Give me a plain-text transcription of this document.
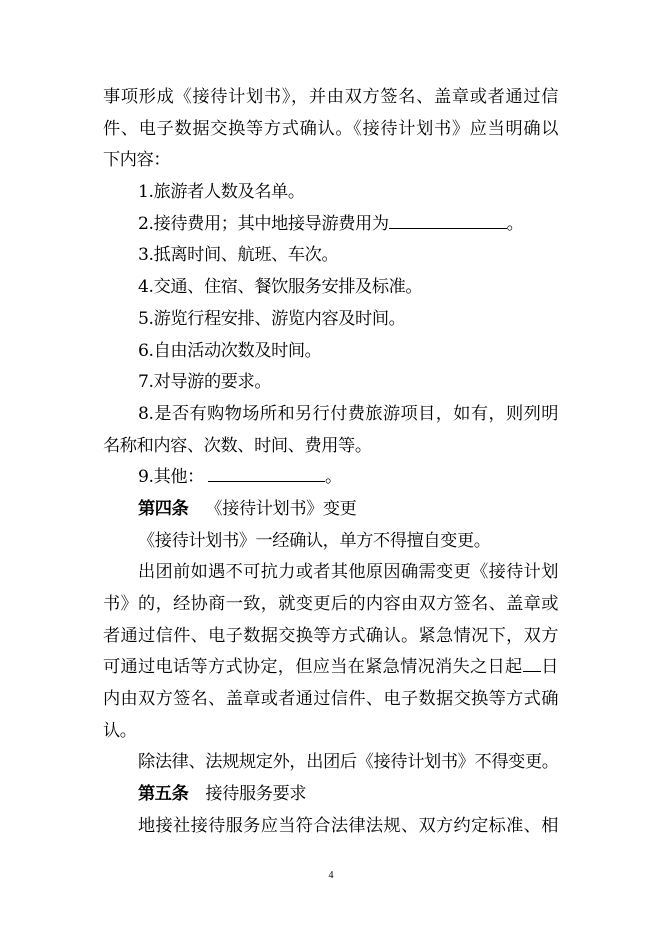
事项形成《接待计划书》，并由双方签名、盖章或者通过信
件、电子数据交换等方式确认。《接待计划书》应当明确以
下内容：
1.旅游者人数及名单。
2.接待费用；其中地接导游费用为	。
3.抵离时间、航班、车次。
4.交通、住宿、餐饮服务安排及标准。
5.游览行程安排、游览内容及时间。
6.自由活动次数及时间。
7.对导游的要求。
8.是否有购物场所和另行付费旅游项目，如有，则列明
名称和内容、次数、时间、费用等。
9.其他：	。
第四条 《接待计划书》变更
《接待计划书》一经确认，单方不得擅自变更。
出团前如遇不可抗力或者其他原因确需变更《接待计划
书》的，经协商一致，就变更后的内容由双方签名、盖章或
者通过信件、电子数据交换等方式确认。紧急情况下，双方
可通过电话等方式协定，但应当在紧急情况消失之日起 日
内由双方签名、盖章或者通过信件、电子数据交换等方式确
认。
除法律、法规规定外，出团后《接待计划书》不得变更。
第五条 接待服务要求
地接社接待服务应当符合法律法规、双方约定标准、相
4
